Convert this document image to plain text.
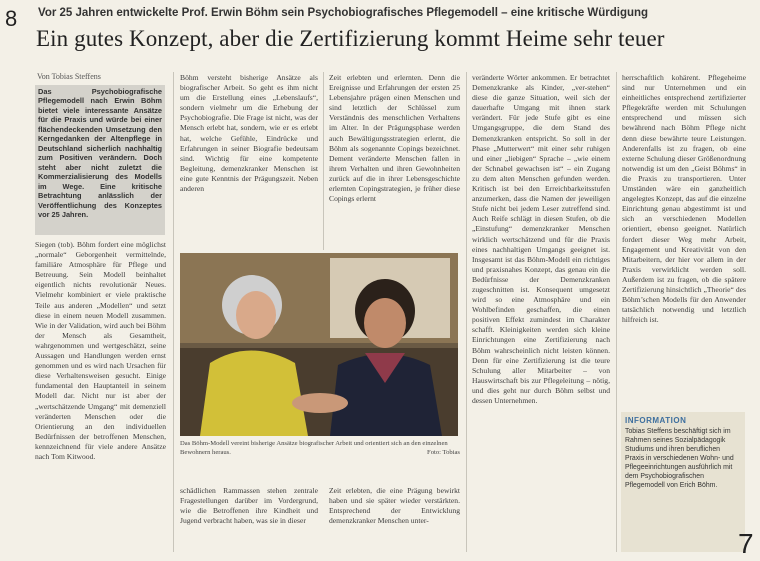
8 Vor 25 Jahren entwickelte Prof. Erwin Böhm sein Psychobiografisches Pflegemodell – eine kritische Würdigung
Ein gutes Konzept, aber die Zertifizierung kommt Heime sehr teuer
Von Tobias Steffens
Das Psychobiografische Pflegemodell nach Erwin Böhm bietet viele interessante Ansätze für die Praxis und würde bei einer flächendeckenden Umsetzung den Kerngedanken der Altenpflege in Deutschland sicherlich nachhaltig zum Positiven verändern. Doch steht aber nicht zuletzt die Kommerzialisierung des Modells im Wege. Eine kritische Betrachtung anlässlich der Veröffentlichung des Konzeptes vor 25 Jahren.

Siegen (tob). Böhm fordert eine möglichst „normale“ Geborgenheit vermittelnde, familiäre Atmosphäre für Pflege und Betreuung. Sein Modell beinhaltet eigentlich nichts revolutionär Neues. Vielmehr kombiniert er viele praktische Teile aus anderen „Modellen“ und setzt diese in einem neuen Modell zusammen. Wie in der Validation, wird auch bei Böhm der Mensch als Gesamtheit, wahrgenommen und wertgeschätzt, seine Aussagen und Handlungen werden ernst genommen und es wird nach Ursachen für diese Verhaltensweisen gesucht. Einige fundamental den Hauptanteil in seinem Modell dar. Nicht nur ist aber der „wertschätzende Umgang“ mit demenziell veränderten Menschen oder die Orientierung an den individuellen Bedürfnissen der betroffenen Menschen, kennzeichnend für viele andere Ansätze nach Tom Kitwood.

Böhm versteht bisherige Ansätze als biografischer Arbeit. So geht es ihm nicht um die Erstellung eines „Lebenslaufs“, sondern vielmehr um die Erhebung der Psychobiografie. Die Frage ist nicht, was der Mensch erlebt hat, sondern, wie er es erlebt hat, welche Gefühle, Eindrücke und Erfahrungen in seiner Biografie bedeutsam sind. Wichtig für eine kompetente Begleitung, demenzkranker Menschen ist eine gute Kenntnis der Prägungszeit. Neben anderen

Zeit erlebten und erlernten. Denn die Ereignisse und Erfahrungen der ersten 25 Lebensjahre prägen einen Menschen und sind letztlich der Schlüssel zum Verständnis des menschlichen Verhaltens im Alter. In der Prägungsphase werden auch Bewältigungsstrategien erlernt, die Böhm als sogenannte Copings bezeichnet. Dement veränderte Menschen fallen in ihrem Verhalten und ihren Gewohnheiten zurück auf die in ihrer Lebensgeschichte erlernten Copingstrategien, je früher diese Copings erlernt

veränderte Wörter ankommen. Er betrachtet Demenzkranke als Kinder, „ver-stehen“ diese die ganze Situation, weil sich der dauerhafte Umgang mit ihnen stark verändert. Für jede Stufe gibt es eine Umgangsgruppe, die dem Stand des Demenzkranken entspricht. So soll in der Phase „Mutterwert“ mit einer sehr ruhigen und einer „liebigen“ Sprache – „wie einem der Schnabel gewachsen ist“ – ein Zugang zu dem alten Menschen gefunden werden. Kritisch ist bei den Erreichbarkeitsstufen anzumerken, dass die Namen der jeweiligen Stufe nicht bei jedem Leser zutreffend sind. Auch Reife schlägt in diesen Stufen, ob die „Einstufung“ demenzkranker Menschen wirklich wertschätzend und für die Praxis eines nachhaltigen Umgangs geeignet ist. Insgesamt ist das Böhm-Modell ein richtiges und praxisnahes Konzept, das genau ein die Bedürfnisse der Demenzkranken zugeschnitten ist. Konsequent umgesetzt wird so eine Atmosphäre und ein Wohlbefinden geschaffen, die einen positiven Effekt zumindest im Charakter schafft. Kleinigkeiten werden sich kleine Einrichtungen eine Zertifizierung nach Böhm wahrscheinlich nicht leisten können. Denn für eine Zertifizierung ist die teure Schulung aller Mitarbeiter – von Hauswirtschaft bis zur Pflegeleitung – nötig, und dies geht nur durch Böhm selbst und dessen Unternehmen.

herrschaftlich kohärent. Pflegeheime sind nur Unternehmen und ein einheitliches entsprechend zertifizierter Pflegekräfte werden mit Schulungen entsprechend und müssen sich bewährend nach Böhm Pflege nicht denn diese bewährte teure Leistungen. Anderenfalls ist zu fragen, ob eine externe Schulung dieser Größenordnung notwendig ist um den „Geist Böhms“ in die Praxis zu transportieren. Unter Umständen wäre ein ganzheitlich angelegtes Konzept, das auf die einzelne Einrichtung genau abgestimmt ist und sich an verschiedenen Modellen orientiert, ebenso geeignet. Natürlich fordert dieser Weg mehr Arbeit, Engagement und Kreativität von den Mitarbeitern, der hier vor allem in der Praxis verwirklicht werden soll. Außerdem ist zu fragen, ob die spätere Zertifizierung hinsichtlich „Theorie“ des Böhm’schen Modells für den Anwender tatsächlich notwendig und letztlich hilfreich ist.

Das Böhm-Modell vereint bisherige Ansätze biografischer Arbeit und orientiert sich an den einzelnen Bewohnern heraus.	Foto: Tobias

schädlichen Rammassen stehen zentrale Fragestellungen darüber im Vordergrund, wie die Betroffenen ihre Kindheit und Jugend verbracht haben, was sie in dieser

Zeit erlebten, die eine Prägung bewirkt haben und sie später wieder verstärkten. Entsprechend der Entwicklung demenzkranker Menschen unter-

INFORMATION
Tobias Steffens beschäftigt sich im Rahmen seines Sozialpädagogik Studiums und ihren beruflichen Praxis in verschiedenen Wohn- und Pflegeeinrichtungen ausführlich mit dem Psychobiografischen Pflegemodell von Erich Böhm.
7
